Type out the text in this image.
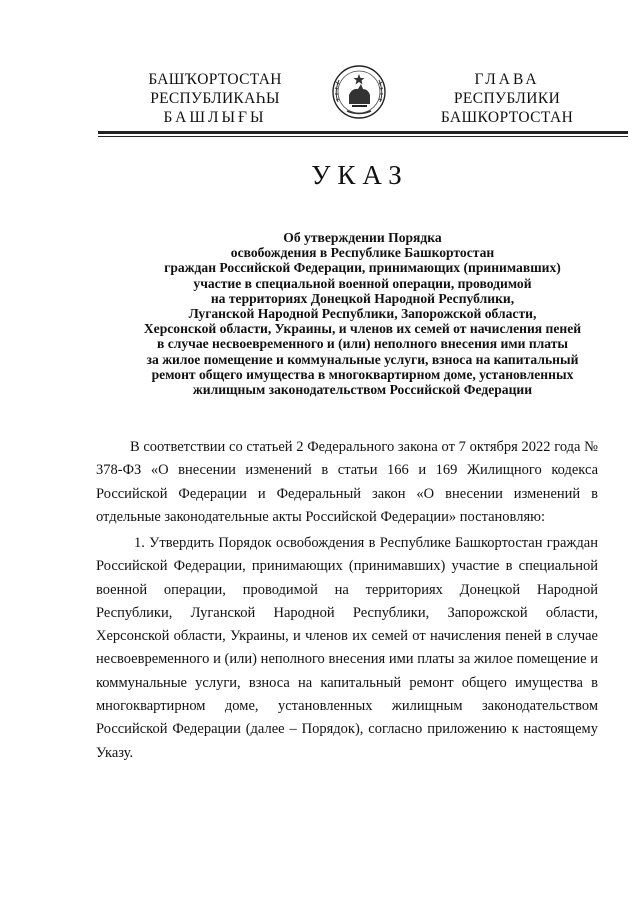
БАШҠОРТОСТАН
РЕСПУБЛИКАҺЫ
БАШЛЫҒЫ
ГЛАВА
РЕСПУБЛИКИ
БАШКОРТОСТАН
УКАЗ
Об утверждении Порядка
освобождения в Республике Башкортостан
граждан Российской Федерации, принимающих (принимавших)
участие в специальной военной операции, проводимой
на территориях Донецкой Народной Республики,
Луганской Народной Республики, Запорожской области,
Херсонской области, Украины, и членов их семей от начисления пеней
в случае несвоевременного и (или) неполного внесения ими платы
за жилое помещение и коммунальные услуги, взноса на капитальный
ремонт общего имущества в многоквартирном доме, установленных
жилищным законодательством Российской Федерации
В соответствии со статьей 2 Федерального закона от 7 октября 2022 года № 378-ФЗ «О внесении изменений в статьи 166 и 169 Жилищного кодекса Российской Федерации и Федеральный закон «О внесении изменений в отдельные законодательные акты Российской Федерации» постановляю:
1. Утвердить Порядок освобождения в Республике Башкортостан граждан Российской Федерации, принимающих (принимавших) участие в специальной военной операции, проводимой на территориях Донецкой Народной Республики, Луганской Народной Республики, Запорожской области, Херсонской области, Украины, и членов их семей от начисления пеней в случае несвоевременного и (или) неполного внесения ими платы за жилое помещение и коммунальные услуги, взноса на капитальный ремонт общего имущества в многоквартирном доме, установленных жилищным законодательством Российской Федерации (далее – Порядок), согласно приложению к настоящему Указу.
